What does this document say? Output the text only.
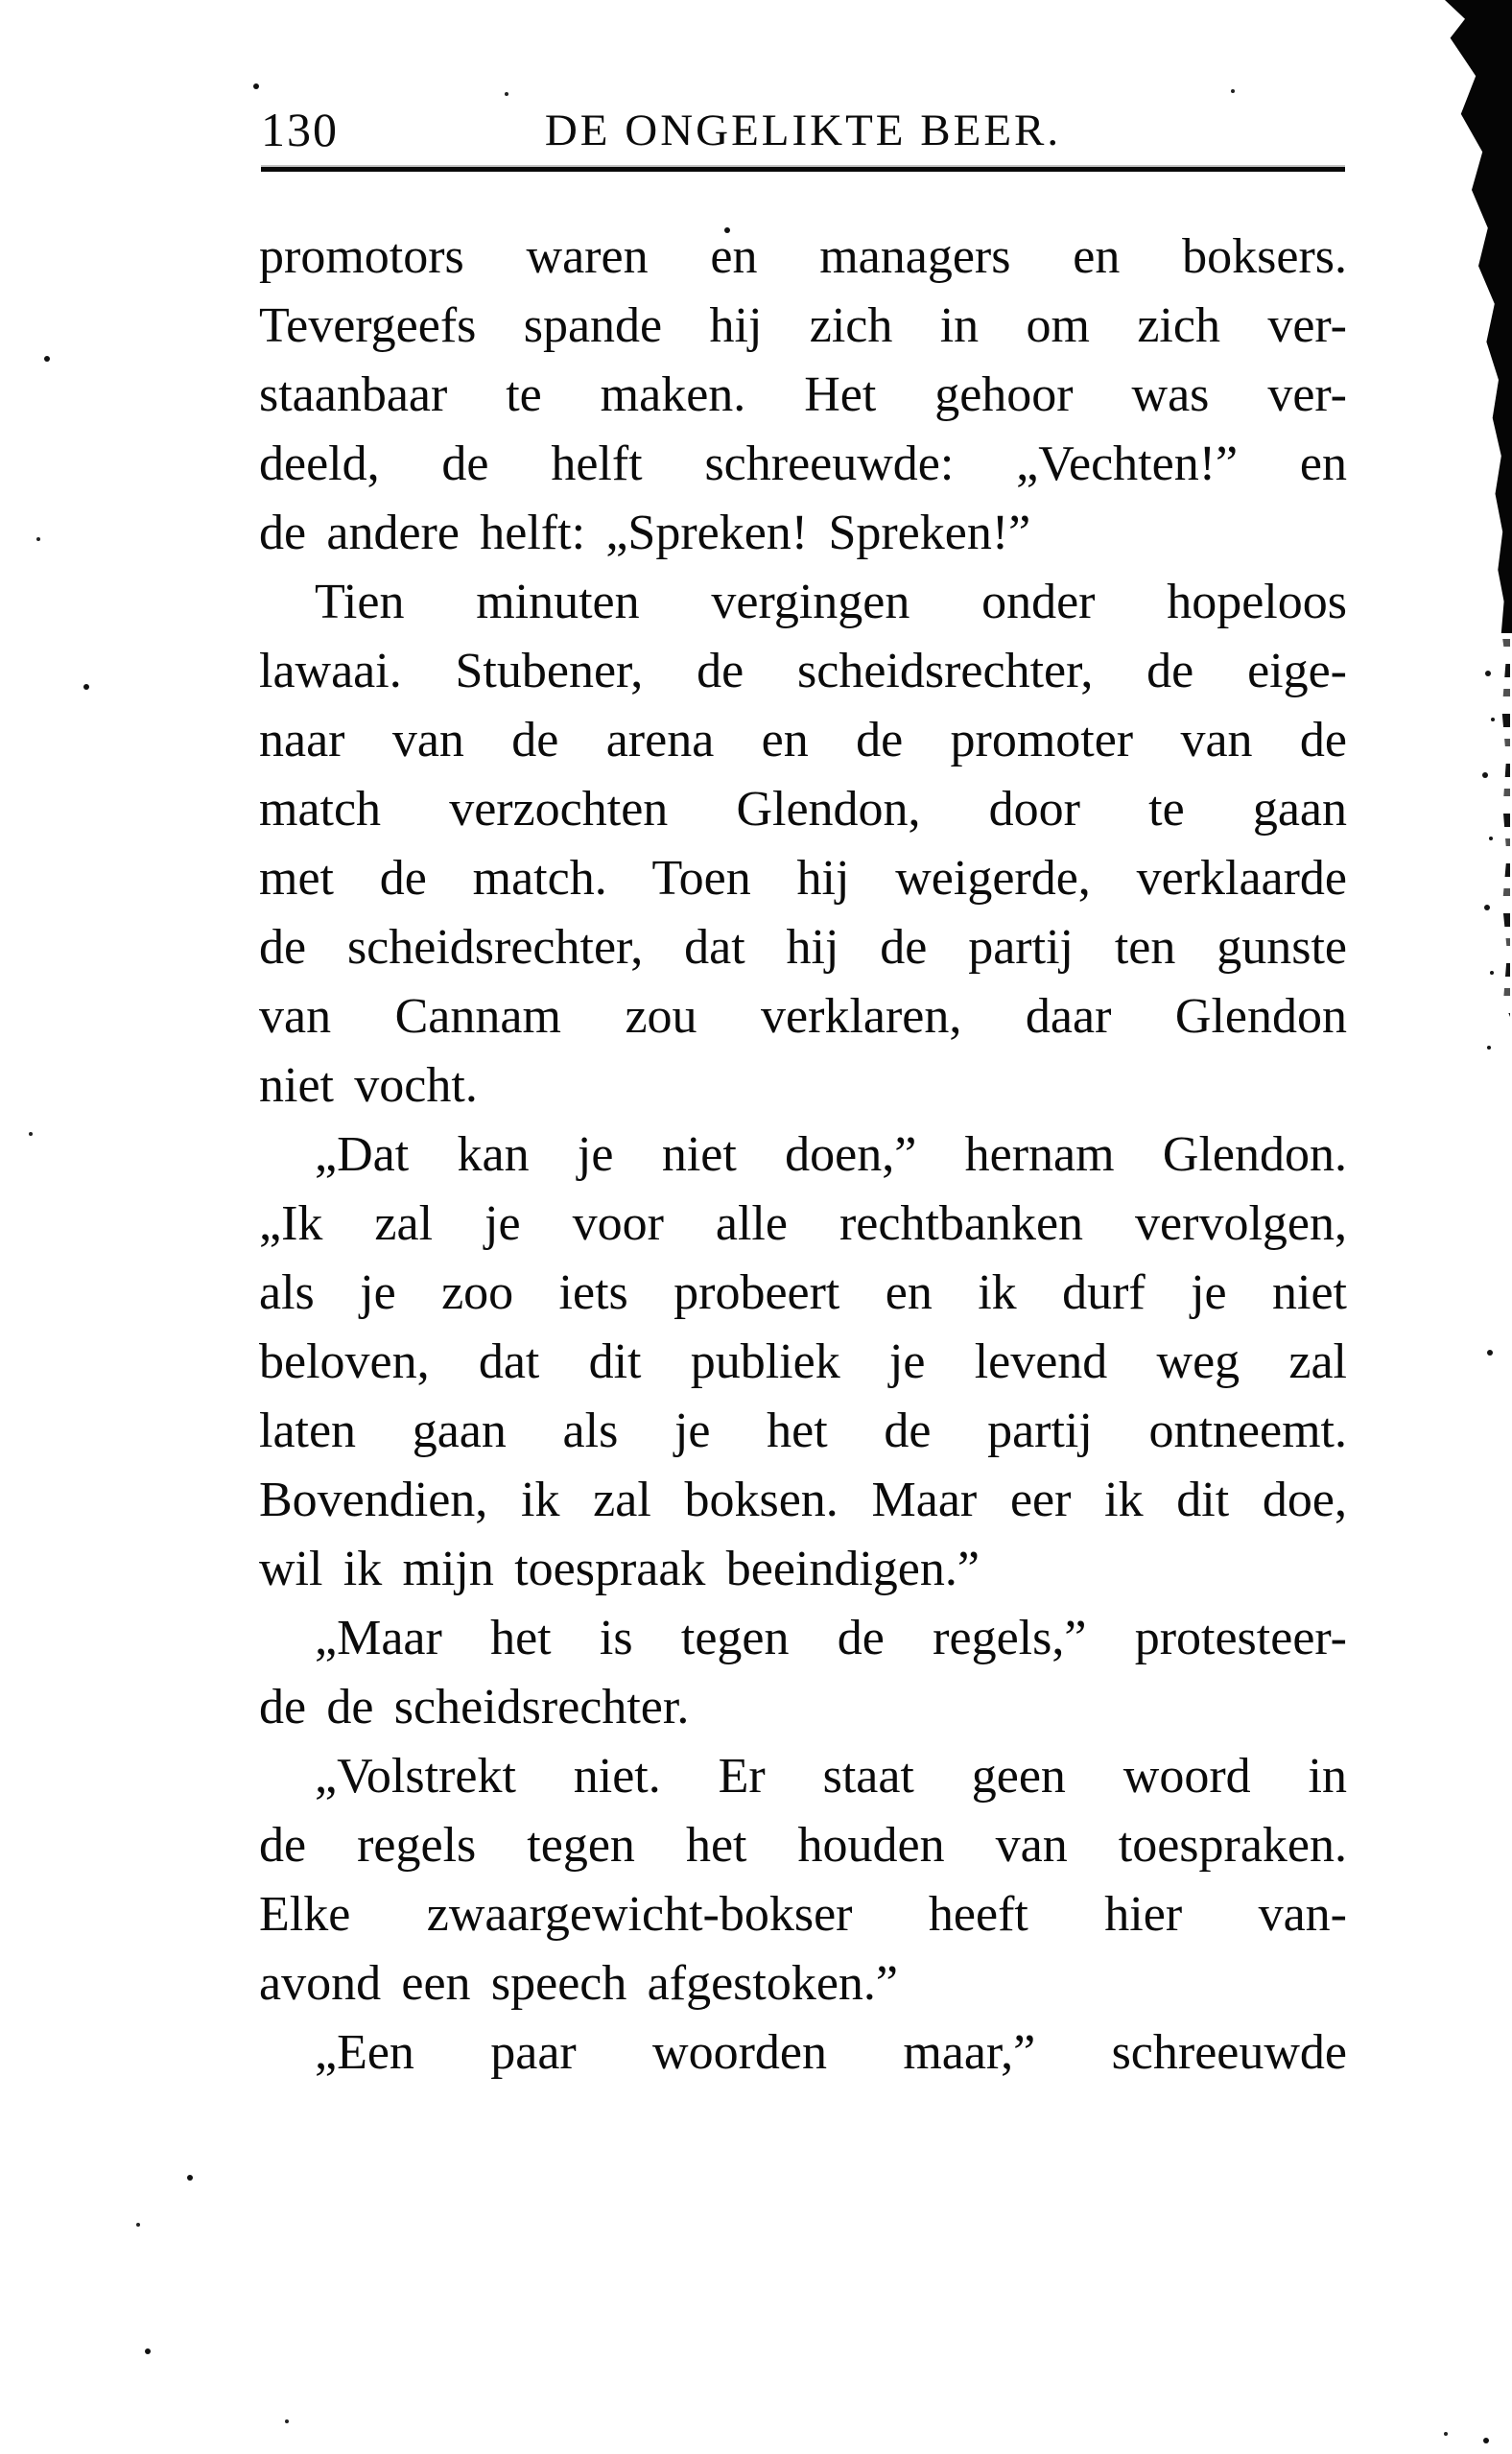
130	DE ONGELIKTE BEER.
promotors waren en managers en boksers.
Tevergeefs spande hij zich in om zich ver-
staanbaar te maken. Het gehoor was ver-
deeld, de helft schreeuwde: „Vechten!” en
de andere helft: „Spreken! Spreken!”
Tien minuten vergingen onder hopeloos
lawaai. Stubener, de scheidsrechter, de eige-
naar van de arena en de promoter van de
match verzochten Glendon, door te gaan
met de match. Toen hij weigerde, verklaarde
de scheidsrechter, dat hij de partij ten gunste
van Cannam zou verklaren, daar Glendon
niet vocht.
„Dat kan je niet doen,” hernam Glendon.
„Ik zal je voor alle rechtbanken vervolgen,
als je zoo iets probeert en ik durf je niet
beloven, dat dit publiek je levend weg zal
laten gaan als je het de partij ontneemt.
Bovendien, ik zal boksen. Maar eer ik dit doe,
wil ik mijn toespraak beeindigen.”
„Maar het is tegen de regels,” protesteer-
de de scheidsrechter.
„Volstrekt niet. Er staat geen woord in
de regels tegen het houden van toespraken.
Elke zwaargewicht-bokser heeft hier van-
avond een speech afgestoken.”
„Een paar woorden maar,” schreeuwde
